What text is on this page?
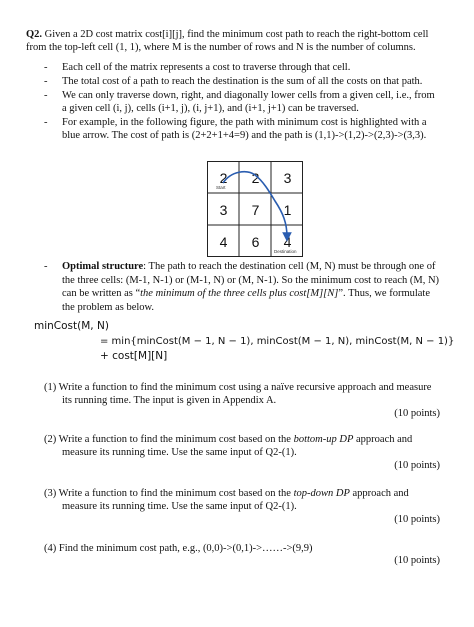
Q2. Given a 2D cost matrix cost[i][j], find the minimum cost path to reach the right-bottom cell
from the top-left cell (1, 1), where M is the number of rows and N is the number of columns.
- Each cell of the matrix represents a cost to traverse through that cell.
- The total cost of a path to reach the destination is the sum of all the costs on that path.
- We can only traverse down, right, and diagonally lower cells from a given cell, i.e., from
a given cell (i, j), cells (i+1, j), (i, j+1), and (i+1, j+1) can be traversed.
- For example, in the following figure, the path with minimum cost is highlighted with a
blue arrow. The cost of path is (2+2+1+4=9) and the path is (1,1)->(1,2)->(2,3)->(3,3).
2	2	3
3	7	1
4	6	4
Start
Destination
- Optimal structure: The path to reach the destination cell (M, N) must be through one of
the three cells: (M-1, N-1) or (M-1, N) or (M, N-1). So the minimum cost to reach (M, N)
can be written as “the minimum of the three cells plus cost[M][N]”. Thus, we formulate
the problem as below.
minCost(M, N)
= min{minCost(M − 1, N − 1), minCost(M − 1, N), minCost(M, N − 1)}
+ cost[M][N]
(1) Write a function to find the minimum cost using a naïve recursive approach and measure
its running time. The input is given in Appendix A.
(10 points)
(2) Write a function to find the minimum cost based on the bottom-up DP approach and
measure its running time. Use the same input of Q2-(1).
(10 points)
(3) Write a function to find the minimum cost based on the top-down DP approach and
measure its running time. Use the same input of Q2-(1).
(10 points)
(4) Find the minimum cost path, e.g., (0,0)->(0,1)->……->(9,9)
(10 points)
